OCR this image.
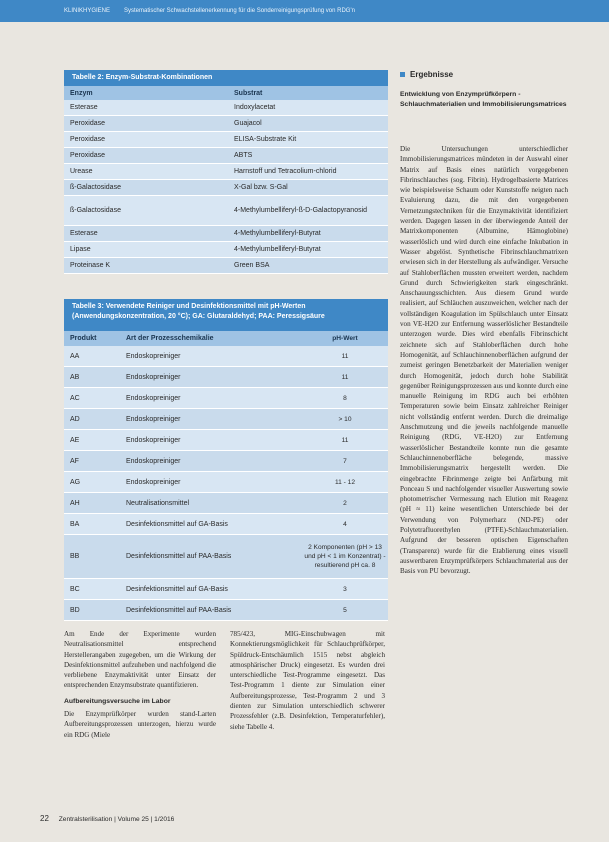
KLINIKHYGIENE Systematischer Schwachstellenerkennung für die Sonderreinigungsprüfung von RDG'n
Tabelle 2: Enzym-Substrat-Kombinationen
Enzym	Substrat
Esterase	Indoxylacetat
Peroxidase	Guajacol
Peroxidase	ELISA-Substrate Kit
Peroxidase	ABTS
Urease	Harnstoff und Tetracolium-chlorid
ß-Galactosidase	X-Gal bzw. S-Gal
ß-Galactosidase	4-Methylumbelliferyl-ß-D-Galactopyranosid
Esterase	4-Methylumbelliferyl-Butyrat
Lipase	4-Methylumbelliferyl-Butyrat
Proteinase K	Green BSA
Tabelle 3: Verwendete Reiniger und Desinfektionsmittel mit pH-Werten (Anwendungskonzentration, 20 °C); GA: Glutaraldehyd; PAA: Peressigsäure
Produkt	Art der Prozesschemikalie	pH-Wert
AA	Endoskopreiniger	11
AB	Endoskopreiniger	11
AC	Endoskopreiniger	8
AD	Endoskopreiniger	> 10
AE	Endoskopreiniger	11
AF	Endoskopreiniger	7
AG	Endoskopreiniger	11 - 12
AH	Neutralisationsmittel	2
BA	Desinfektionsmittel auf GA-Basis	4
BB	Desinfektionsmittel auf PAA-Basis
2 Komponenten (pH > 13 und pH < 1 im Konzentrat) - resultierend pH ca. 8
BC	Desinfektionsmittel auf GA-Basis	3
BD	Desinfektionsmittel auf PAA-Basis	5
Ergebnisse
Entwicklung von Enzymprüfkörpern - Schlauchmaterialien und Immobilisierungsmatrices

Die Untersuchungen unterschiedlicher Immobilisierungsmatrices mündeten in der Auswahl einer Matrix auf Basis eines natürlich vorgegebenen Fibrinschlauches (sog. Fibrin). Hydrogelbasierte Matrices wie beispielsweise Schaum oder Kunststoffe neigten nach Evaluierung dazu, die mit den vorgegebenen Vernetzungstechniken für die Enzymaktivität identifiziert werden. Dagegen lassen in der überwiegende Anteil der Matrixkomponenten (Albumine, Hämoglobine) wasserlöslich und wird durch eine einfache Inkubation in Wasser abgelöst. Synthetische Fibrinschlauchmatrixen erwiesen sich in der Herstellung als aufwändiger. Versuche auf Stahloberflächen mussten erweitert werden, nachdem Grund durch Schwierigkeiten stark eingeschränkt. Anschauungsschichten. Aus diesem Grund wurde realisiert, auf Schläuchen auszuweichen, welcher nach der vollständigen Koagulation im Spülschlauch unter Einsatz von VE-H2O zur Entfernung wasserlöslicher Bestandteile unterzogen wurde. Dies wird ebenfalls Fibrinschicht zeichnete sich auf Stahloberflächen durch hohe Homogenität, auf Schlauchinnenoberflächen aufgrund der zumeist geringen Benetzbarkeit der Materialien weniger durch Homogenität, jedoch durch hohe Stabilität gegenüber Reinigungsprozessen aus und konnte durch eine manuelle Reinigung im RDG auch bei erhöhten Temperaturen sowie beim Einsatz zahlreicher Reiniger nicht vollständig entfernt werden. Durch die dreimalige Anschmutzung und die jeweils nachfolgende manuelle Reinigung (RDG, VE-H2O) zur Entfernung wasserlöslicher Bestandteile konnte nun die gesamte Schlauchinnenoberfläche belegende, massive Immobilisierungsmatrix hergestellt werden. Die eingebrachte Fibrinmenge zeigte bei Anfärbung mit Ponceau S und nachfolgender visueller Auswertung sowie photometrischer Vermessung nach Elution mit Reagenz (pH ≈ 11) keine wesentlichen Unterschiede bei der Verwendung von Polymerharz (ND-PE) oder Polytetrafluorethylen (PTFE)-Schlauchmaterialien. Aufgrund der besseren optischen Eigenschaften (Transparenz) wurde für die Etablierung eines visuell auswertbaren Enzymprüfkörpers Schlauchmaterial aus der Basis von PU bevorzugt.

Am Ende der Experimente wurden Neutralisationsmittel entsprechend Herstellerangaben zugegeben, um die Wirkung der Desinfektionsmittel aufzuheben und nachfolgend die verbliebene Enzymaktivität unter Einsatz der entsprechenden Enzymsubstrate quantifizieren.

Aufbereitungsversuche im Labor

Die Enzymprüfkörper wurden stand-Larten Aufbereitungsprozessen unterzogen, hierzu wurde ein RDG (Miele

785/423, MIG-Einschubwagen mit Konnektierungsmöglichkeit für Schlauchprüfkörper, Spüldruck-Entschäumlich 1515 nebst abgleich atmosphärischer Druck) eingesetzt. Es wurden drei unterschiedliche Test-Programme eingesetzt. Das Test-Programm 1 diente zur Simulation einer Aufbereitungsprozesse, Test-Programm 2 und 3 dienten zur Simulation unterschiedlich schwerer Prozessfehler (z.B. Desinfektion, Temperaturfehler), siehe Tabelle 4.

22 Zentralsterilisation | Volume 25 | 1/2016
